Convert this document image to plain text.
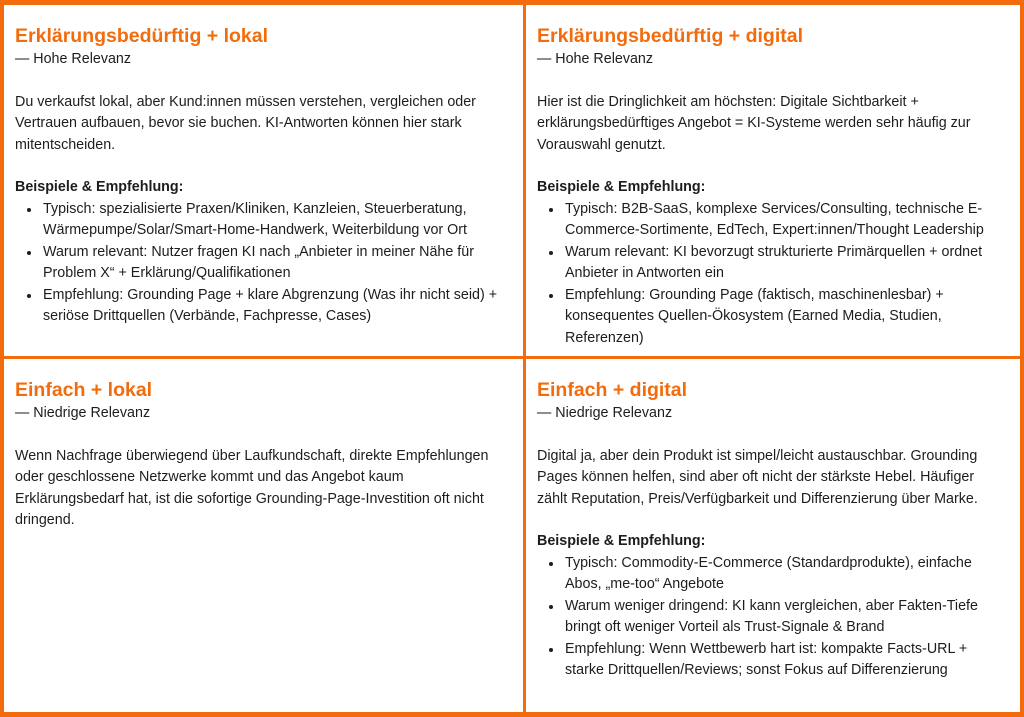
Erklärungsbedürftig + lokal

— Hohe Relevanz

Du verkaufst lokal, aber Kund:innen müssen verstehen, vergleichen oder Vertrauen aufbauen, bevor sie buchen. KI-Antworten können hier stark mitentscheiden.

Beispiele & Empfehlung:

• Typisch: spezialisierte Praxen/Kliniken, Kanzleien, Steuerberatung, Wärmepumpe/Solar/Smart-Home-Handwerk, Weiterbildung vor Ort
• Warum relevant: Nutzer fragen KI nach „Anbieter in meiner Nähe für Problem X“ + Erklärung/Qualifikationen
• Empfehlung: Grounding Page + klare Abgrenzung (Was ihr nicht seid) + seriöse Drittquellen (Verbände, Fachpresse, Cases)
Erklärungsbedürftig + digital

— Hohe Relevanz

Hier ist die Dringlichkeit am höchsten: Digitale Sichtbarkeit + erklärungsbedürftiges Angebot = KI-Systeme werden sehr häufig zur Vorauswahl genutzt.

Beispiele & Empfehlung:

• Typisch: B2B-SaaS, komplexe Services/Consulting, technische E-Commerce-Sortimente, EdTech, Expert:innen/Thought Leadership
• Warum relevant: KI bevorzugt strukturierte Primärquellen + ordnet Anbieter in Antworten ein
• Empfehlung: Grounding Page (faktisch, maschinenlesbar) + konsequentes Quellen-Ökosystem (Earned Media, Studien, Referenzen)
Einfach + lokal

— Niedrige Relevanz

Wenn Nachfrage überwiegend über Laufkundschaft, direkte Empfehlungen oder geschlossene Netzwerke kommt und das Angebot kaum Erklärungsbedarf hat, ist die sofortige Grounding-Page-Investition oft nicht dringend.

Einfach + digital

— Niedrige Relevanz

Digital ja, aber dein Produkt ist simpel/leicht austauschbar. Grounding Pages können helfen, sind aber oft nicht der stärkste Hebel. Häufiger zählt Reputation, Preis/Verfügbarkeit und Differenzierung über Marke.

Beispiele & Empfehlung:

• Typisch: Commodity-E-Commerce (Standardprodukte), einfache Abos, „me-too“ Angebote
• Warum weniger dringend: KI kann vergleichen, aber Fakten-Tiefe bringt oft weniger Vorteil als Trust-Signale & Brand
• Empfehlung: Wenn Wettbewerb hart ist: kompakte Facts-URL + starke Drittquellen/Reviews; sonst Fokus auf Differenzierung
